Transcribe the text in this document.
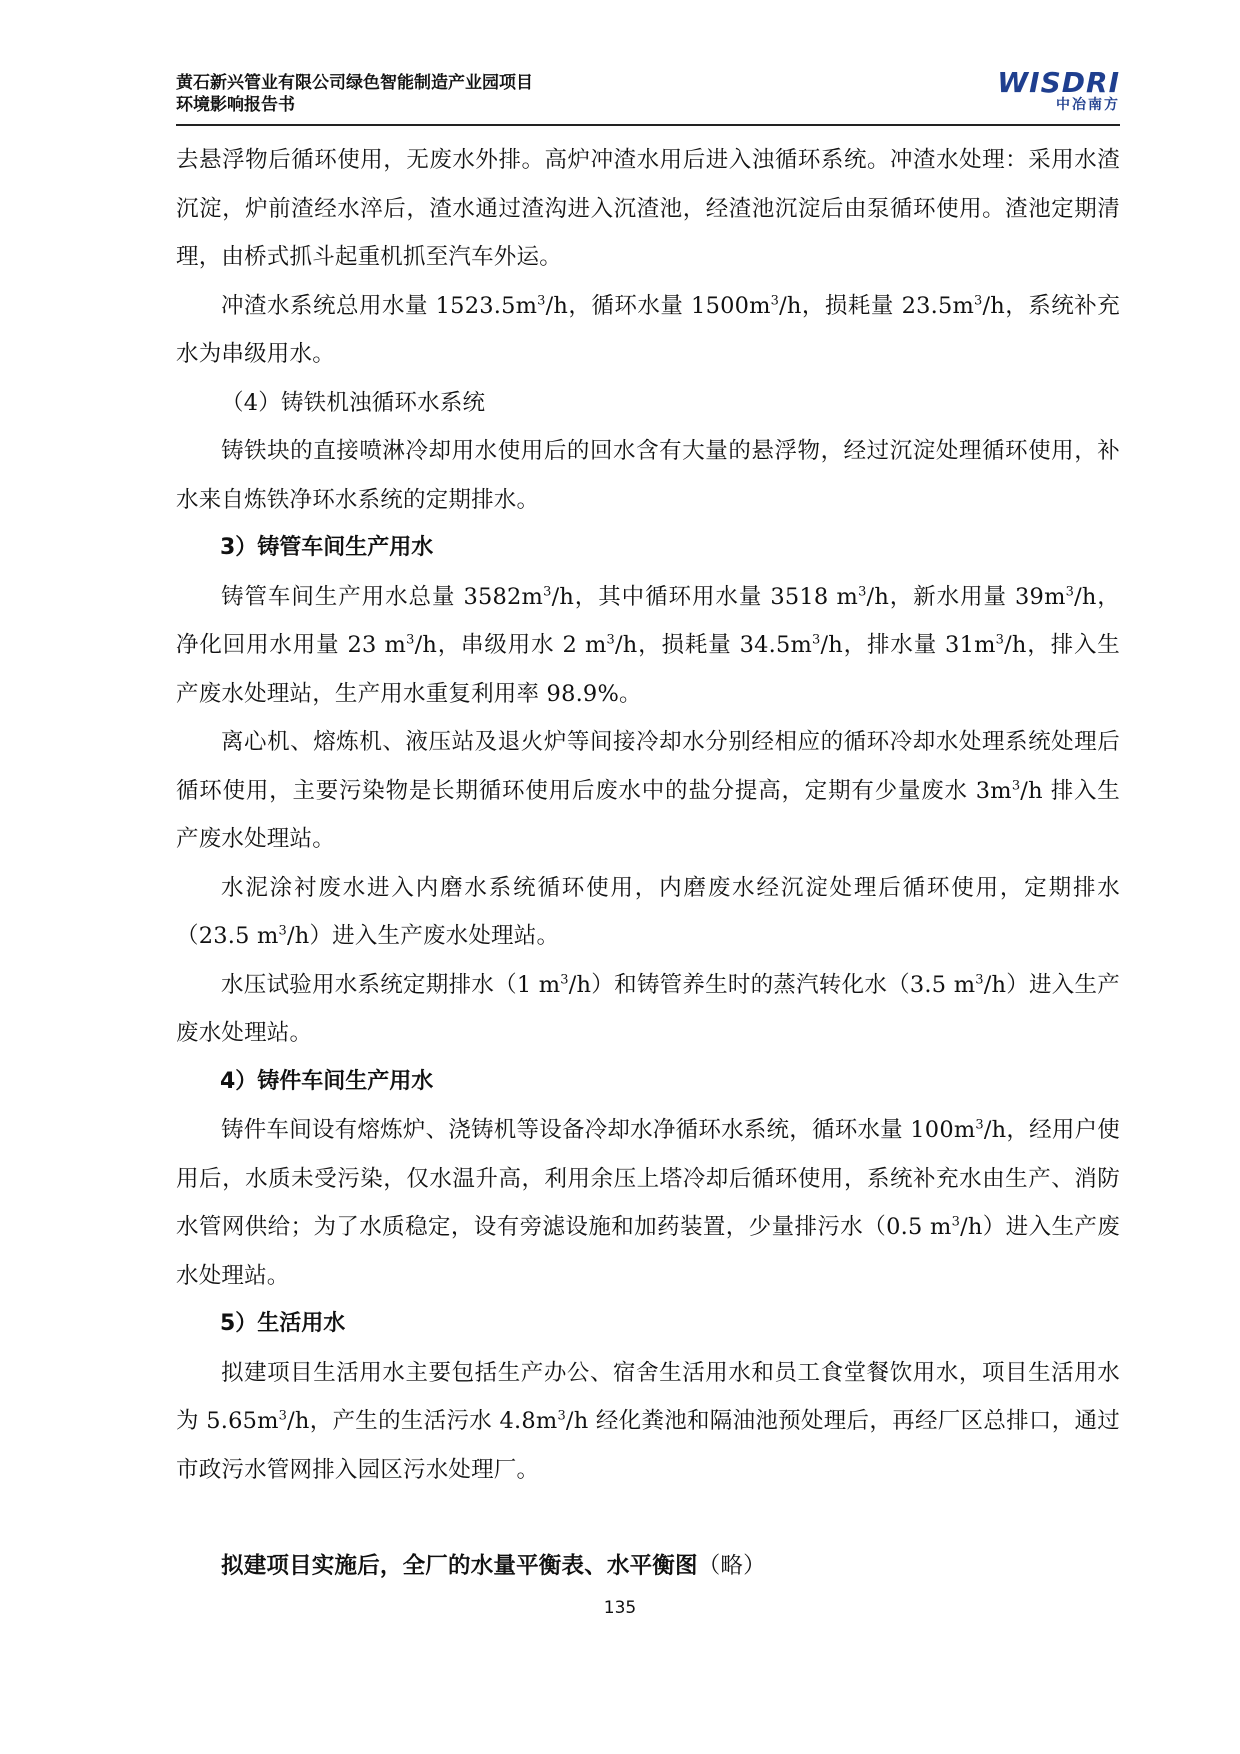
黄石新兴管业有限公司绿色智能制造产业园项目
环境影响报告书
WISDRI
中冶南方

去悬浮物后循环使用，无废水外排。高炉冲渣水用后进入浊循环系统。冲渣水处理：采用水渣沉淀，炉前渣经水淬后，渣水通过渣沟进入沉渣池，经渣池沉淀后由泵循环使用。渣池定期清理，由桥式抓斗起重机抓至汽车外运。

冲渣水系统总用水量 $1523.5m^3/h$，循环水量 $1500m^3/h$，损耗量 $23.5m^3/h$，系统补充水为串级用水。

（4）铸铁机浊循环水系统

铸铁块的直接喷淋冷却用水使用后的回水含有大量的悬浮物，经过沉淀处理循环使用，补水来自炼铁净环水系统的定期排水。

3）铸管车间生产用水

铸管车间生产用水总量 $3582m^3/h$，其中循环用水量 3518 $m^3/h$，新水用量 $39m^3/h$，净化回用水用量 23 $m^3/h$，串级用水 2 $m^3/h$，损耗量 $34.5m^3/h$，排水量 $31m^3/h$，排入生产废水处理站，生产用水重复利用率 98.9%。

离心机、熔炼机、液压站及退火炉等间接冷却水分别经相应的循环冷却水处理系统处理后循环使用，主要污染物是长期循环使用后废水中的盐分提高，定期有少量废水 $3m^3/h$ 排入生产废水处理站。

水泥涂衬废水进入内磨水系统循环使用，内磨废水经沉淀处理后循环使用，定期排水（23.5 $m^3/h$）进入生产废水处理站。

水压试验用水系统定期排水（1 $m^3/h$）和铸管养生时的蒸汽转化水（3.5 $m^3/h$）进入生产废水处理站。

4）铸件车间生产用水

铸件车间设有熔炼炉、浇铸机等设备冷却水净循环水系统，循环水量 $100m^3/h$，经用户使用后，水质未受污染，仅水温升高，利用余压上塔冷却后循环使用，系统补充水由生产、消防水管网供给；为了水质稳定，设有旁滤设施和加药装置，少量排污水（0.5 $m^3/h$）进入生产废水处理站。

5）生活用水

拟建项目生活用水主要包括生产办公、宿舍生活用水和员工食堂餐饮用水，项目生活用水为 $5.65m^3/h$，产生的生活污水 $4.8m^3/h$ 经化粪池和隔油池预处理后，再经厂区总排口，通过市政污水管网排入园区污水处理厂。

拟建项目实施后，全厂的水量平衡表、水平衡图（略）

135
